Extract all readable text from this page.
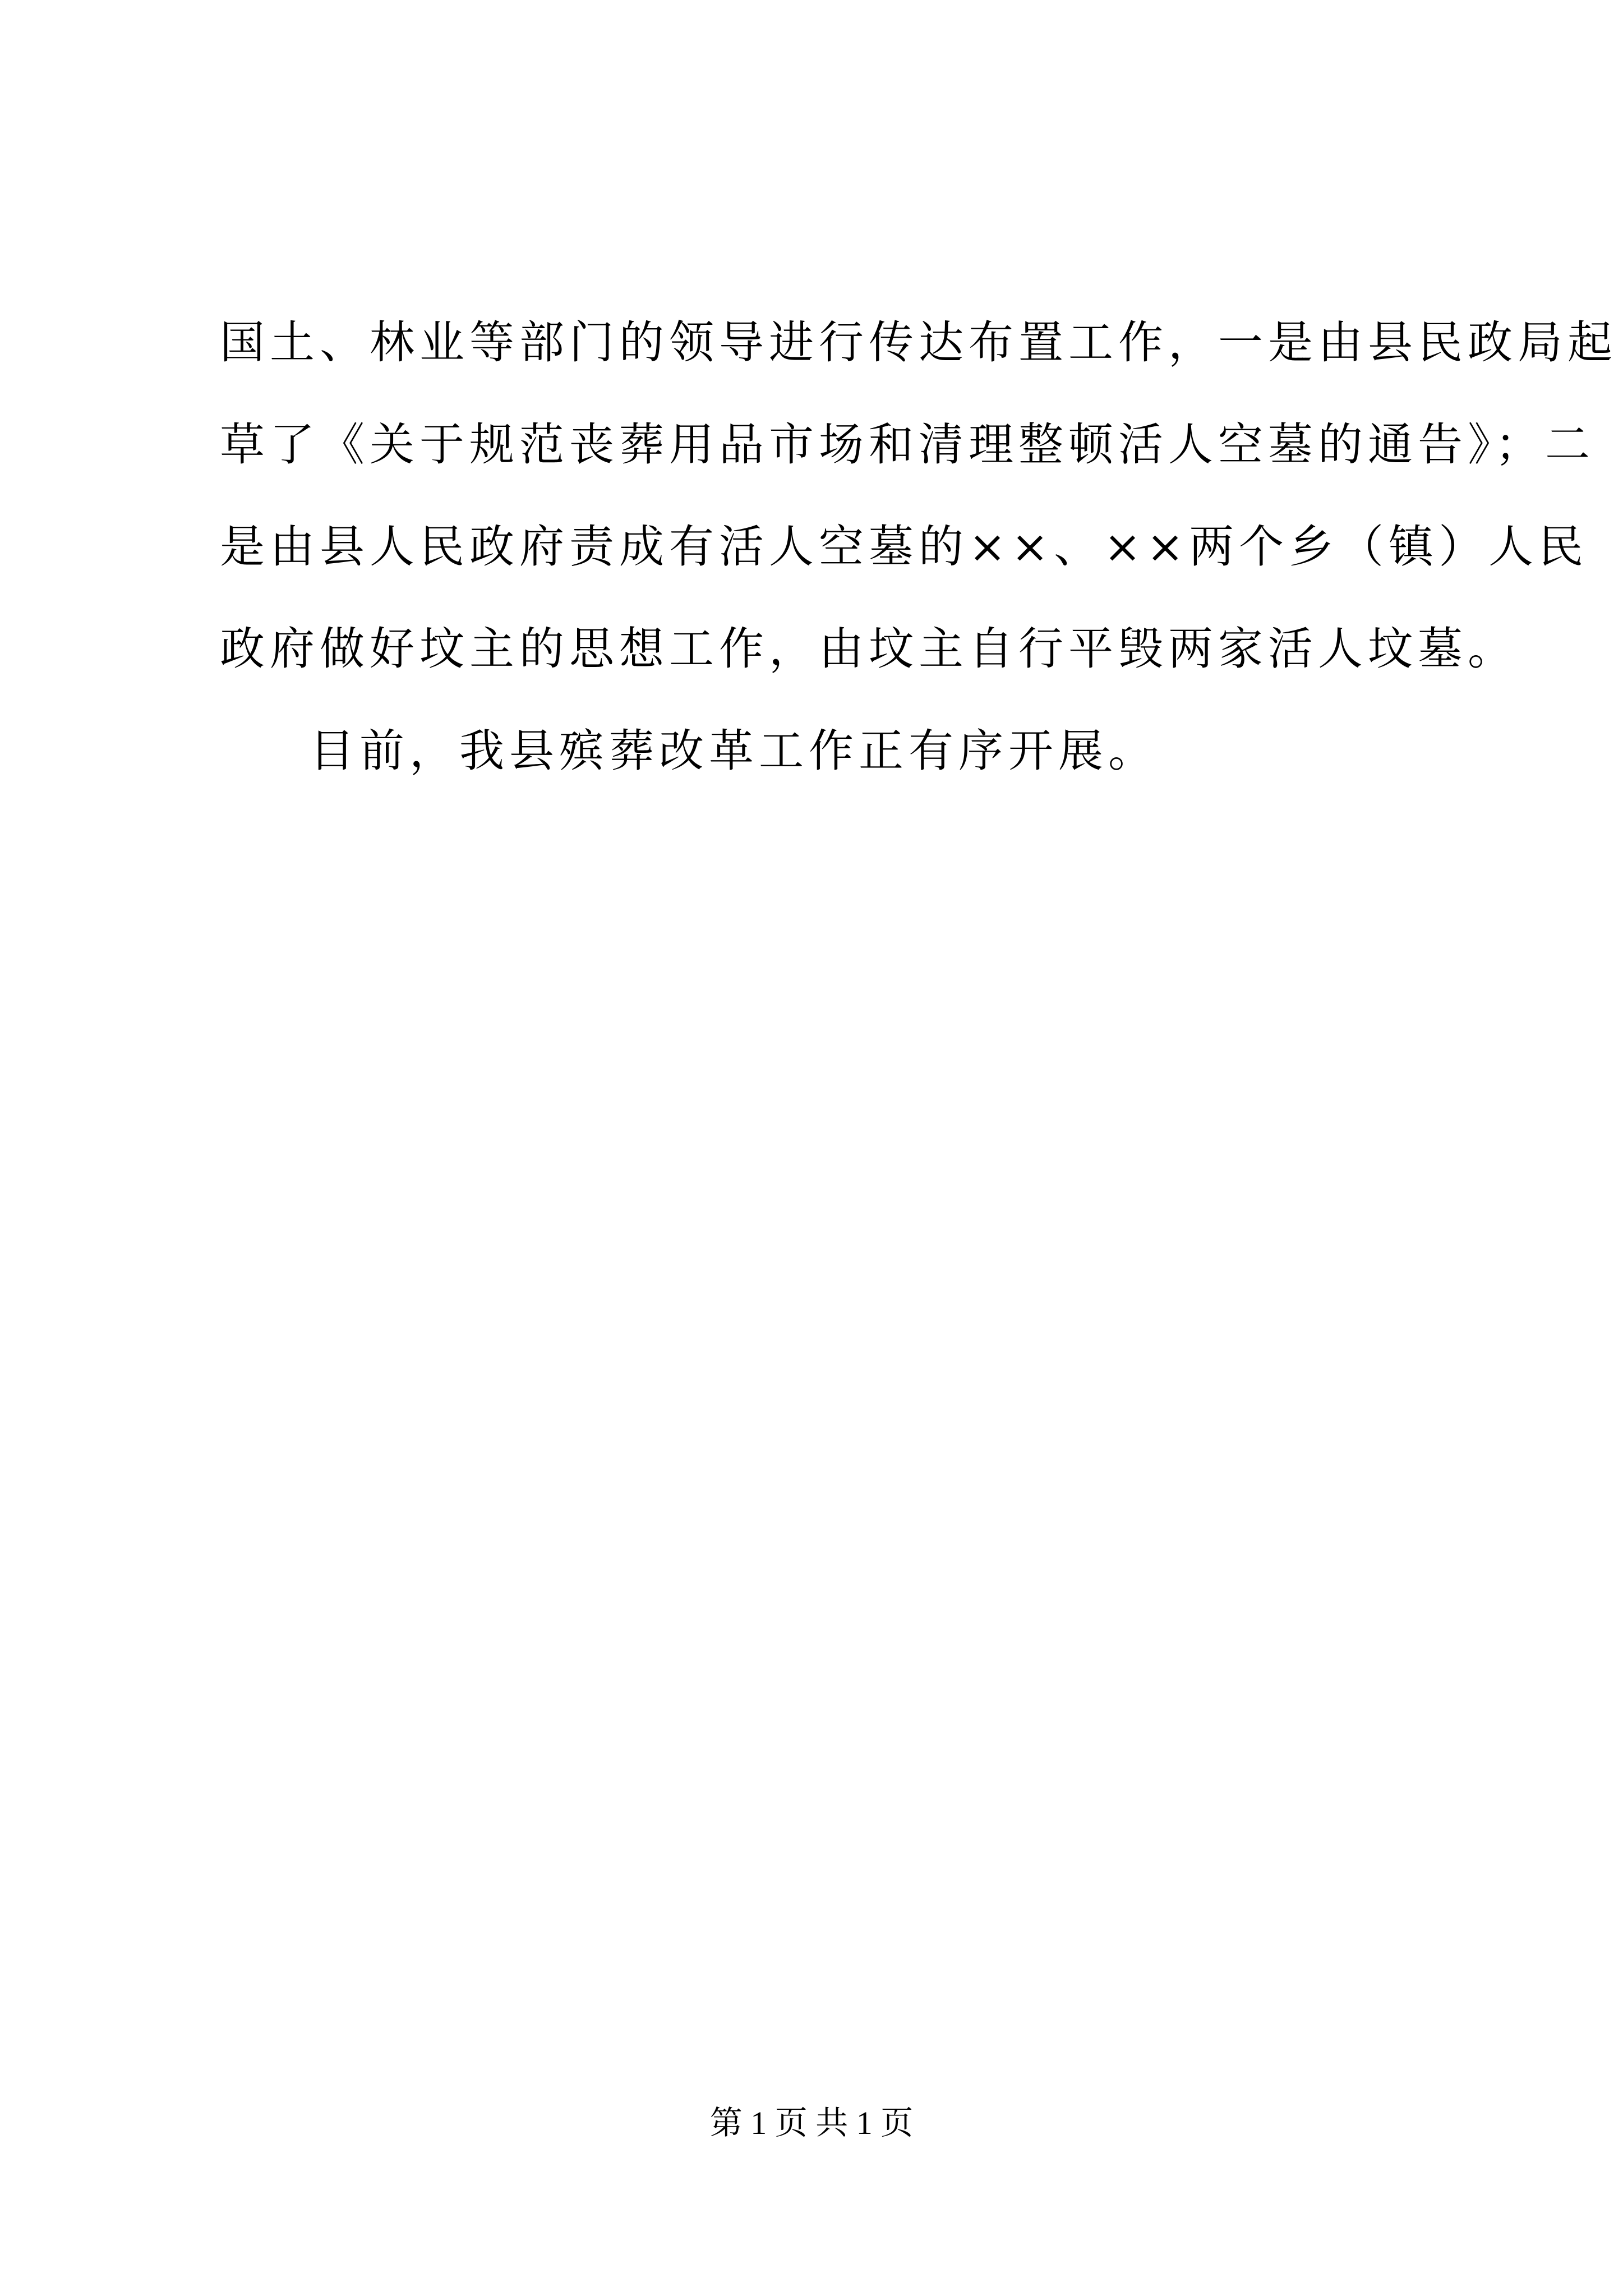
国土、林业等部门的领导进行传达布置工作，一是由县民政局起
草了《关于规范丧葬用品市场和清理整顿活人空墓的通告》；二
是由县人民政府责成有活人空墓的××、××两个乡（镇）人民
政府做好坟主的思想工作，由坟主自行平毁两家活人坟墓。
目前，我县殡葬改革工作正有序开展。
第 1 页 共 1 页
